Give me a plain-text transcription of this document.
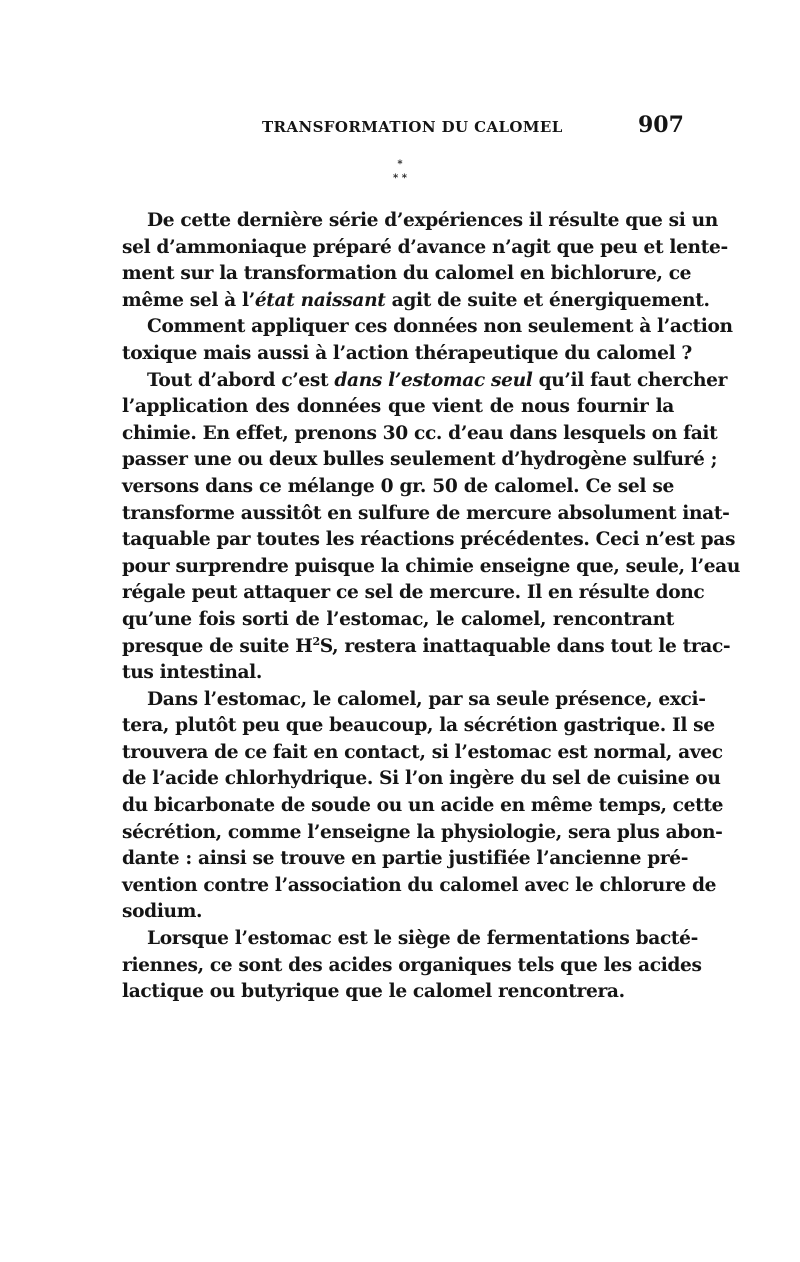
TRANSFORMATION DU CALOMEL	907
*
* *
De cette dernière série d’expériences il résulte que si un
sel d’ammoniaque préparé d’avance n’agit que peu et lente-
ment sur la transformation du calomel en bichlorure, ce
même sel à l’état naissant agit de suite et énergiquement.
Comment appliquer ces données non seulement à l’action
toxique mais aussi à l’action thérapeutique du calomel ?
Tout d’abord c’est dans l’estomac seul qu’il faut chercher
l’application des données que vient de nous fournir la
chimie. En effet, prenons 30 cc. d’eau dans lesquels on fait
passer une ou deux bulles seulement d’hydrogène sulfuré ;
versons dans ce mélange 0 gr. 50 de calomel. Ce sel se
transforme aussitôt en sulfure de mercure absolument inat-
taquable par toutes les réactions précédentes. Ceci n’est pas
pour surprendre puisque la chimie enseigne que, seule, l’eau
régale peut attaquer ce sel de mercure. Il en résulte donc
qu’une fois sorti de l’estomac, le calomel, rencontrant
presque de suite $H^2S$, restera inattaquable dans tout le trac-
tus intestinal.
Dans l’estomac, le calomel, par sa seule présence, exci-
tera, plutôt peu que beaucoup, la sécrétion gastrique. Il se
trouvera de ce fait en contact, si l’estomac est normal, avec
de l’acide chlorhydrique. Si l’on ingère du sel de cuisine ou
du bicarbonate de soude ou un acide en même temps, cette
sécrétion, comme l’enseigne la physiologie, sera plus abon-
dante : ainsi se trouve en partie justifiée l’ancienne pré-
vention contre l’association du calomel avec le chlorure de
sodium.
Lorsque l’estomac est le siège de fermentations bacté-
riennes, ce sont des acides organiques tels que les acides
lactique ou butyrique que le calomel rencontrera.
